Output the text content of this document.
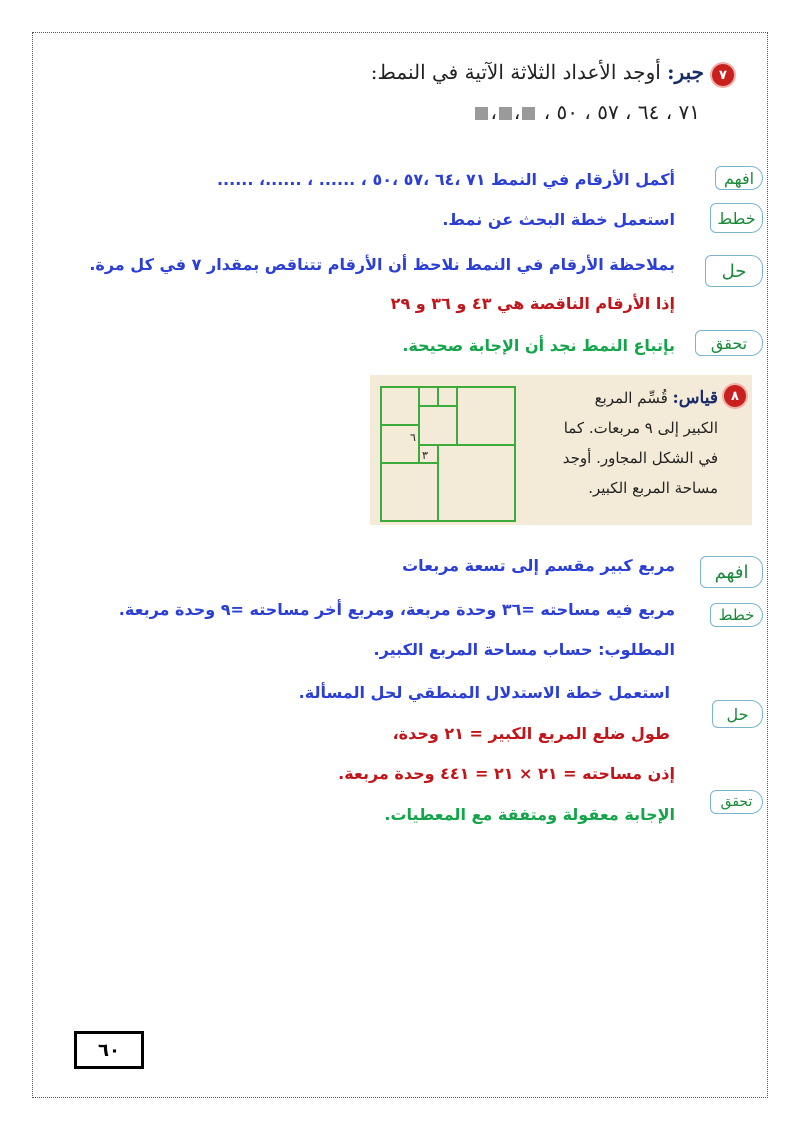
٧
جبر: أوجد الأعداد الثلاثة الآتية في النمط:
٧١ ، ٦٤ ، ٥٧ ، ٥٠ ، ،،
افهم
أكمل الأرقام في النمط ٧١ ،٦٤ ،٥٧ ،٥٠ ، ...... ، ......، ......
خطط
استعمل خطة البحث عن نمط.
حل
بملاحظة الأرقام في النمط نلاحظ أن الأرقام تتناقص بمقدار ٧ في كل مرة.
إذا الأرقام الناقصة هي ٤٣ و ٣٦ و ٢٩
تحقق
بإتباع النمط نجد أن الإجابة صحيحة.
٨
قياس: قُسِّم المربع
الكبير إلى ٩ مربعات. كما
في الشكل المجاور. أوجد
مساحة المربع الكبير.
٦
٣
افهم
مربع كبير مقسم إلى تسعة مربعات
خطط
مربع فيه مساحته =٣٦ وحدة مربعة، ومربع أخر مساحته =٩ وحدة مربعة.
المطلوب: حساب مساحة المربع الكبير.
استعمل خطة الاستدلال المنطقي لحل المسألة.
حل
طول ضلع المربع الكبير = ٢١ وحدة،
إذن مساحته = ٢١ × ٢١ = ٤٤١ وحدة مربعة.
تحقق
الإجابة معقولة ومتفقة مع المعطيات.
٦٠
